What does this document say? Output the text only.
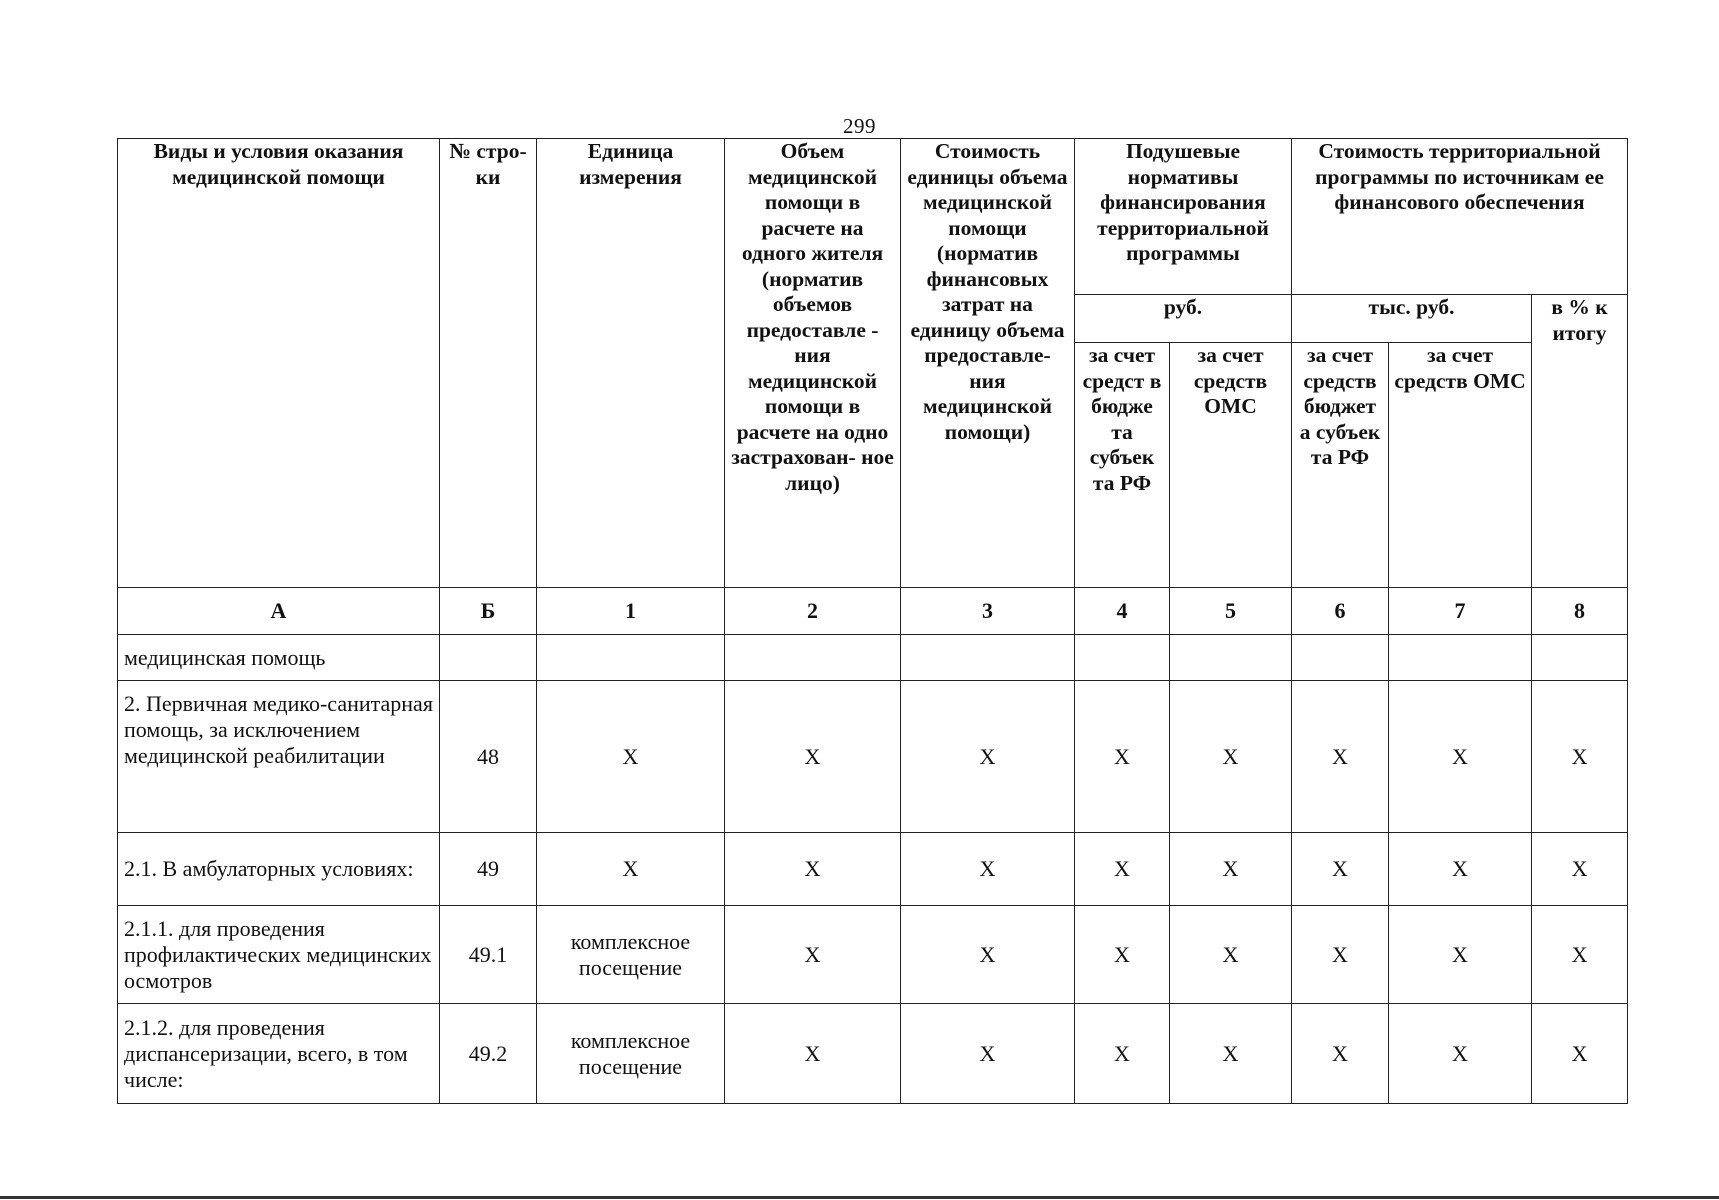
299
Виды и условия оказания медицинской помощи	№ стро- ки	Единица измерения	Объем медицинской помощи в расчете на одного жителя (норматив объемов предоставле - ния медицинской помощи в расчете на одно застрахован- ное лицо)	Стоимость единицы объема медицинской помощи (норматив финансовых затрат на единицу объема предоставле- ния медицинской помощи)	Подушевые нормативы финансирования территориальной программы		Стоимость территориальной программы по источникам ее финансового обеспечения		
					руб.		тыс. руб.		в % к итогу
					за счет средст в бюдже та субъек та РФ	за счет средств ОМС	за счет средств бюджет а субъек та РФ	за счет средств ОМС	
А	Б	1	2	3	4	5	6	7	8
медицинская помощь									
2. Первичная медико-санитарная помощь, за исключением медицинской реабилитации	48	X	X	X	X	X	X	X	X
2.1. В амбулаторных условиях:	49	X	X	X	X	X	X	X	X
2.1.1. для проведения профилактических медицинских осмотров	49.1	комплексное посещение	X	X	X	X	X	X	X
2.1.2. для проведения диспансеризации, всего, в том числе:	49.2	комплексное посещение	X	X	X	X	X	X	X
